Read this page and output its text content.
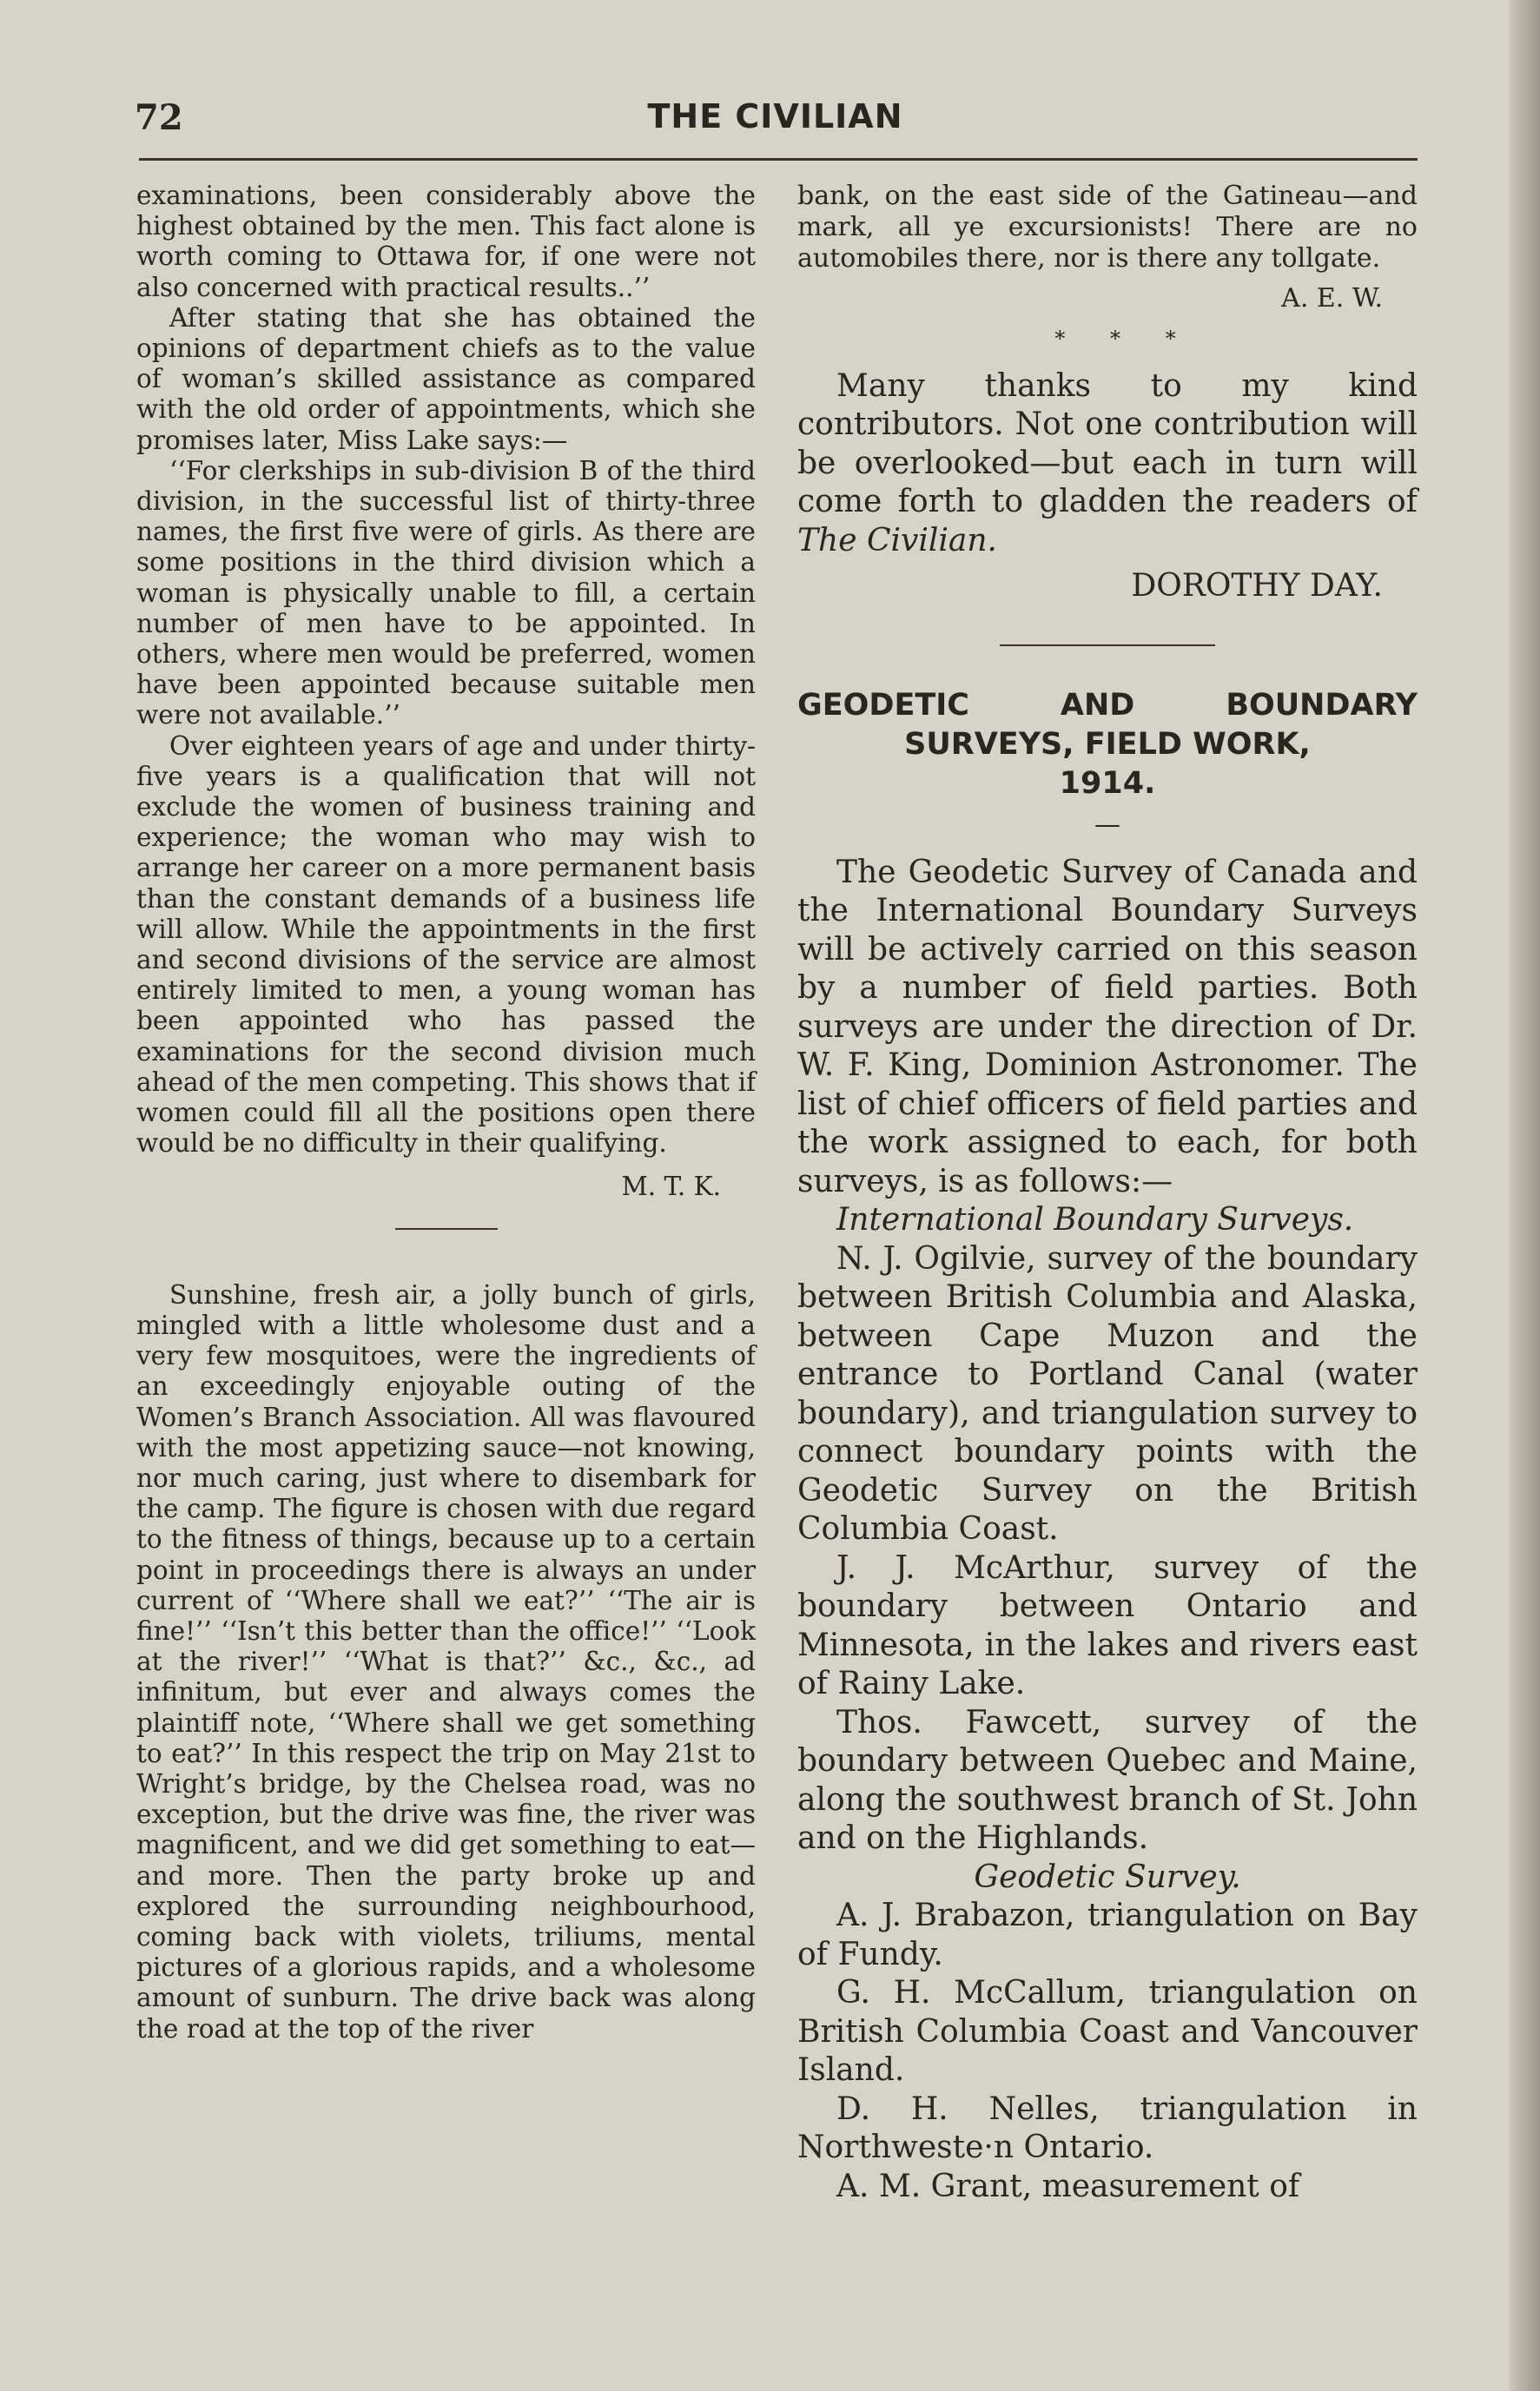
72	THE CIVILIAN

examinations, been considerably above the highest obtained by the men. This fact alone is worth coming to Ottawa for, if one were not also concerned with practical results..’’

After stating that she has obtained the opinions of department chiefs as to the value of woman’s skilled assistance as compared with the old order of appointments, which she promises later, Miss Lake says:—

‘‘For clerkships in sub-division B of the third division, in the successful list of thirty-three names, the first five were of girls. As there are some positions in the third division which a woman is physically unable to fill, a certain number of men have to be appointed. In others, where men would be preferred, women have been appointed because suitable men were not available.’’

Over eighteen years of age and under thirty-five years is a qualification that will not exclude the women of business training and experience; the woman who may wish to arrange her career on a more permanent basis than the constant demands of a business life will allow. While the appointments in the first and second divisions of the service are almost entirely limited to men, a young woman has been appointed who has passed the examinations for the second division much ahead of the men competing. This shows that if women could fill all the positions open there would be no difficulty in their qualifying.

M. T. K.

Sunshine, fresh air, a jolly bunch of girls, mingled with a little wholesome dust and a very few mosquitoes, were the ingredients of an exceedingly enjoyable outing of the Women’s Branch Association. All was flavoured with the most appetizing sauce—not knowing, nor much caring, just where to disembark for the camp. The figure is chosen with due regard to the fitness of things, because up to a certain point in proceedings there is always an under current of ‘‘Where shall we eat?’’ ‘‘The air is fine!’’ ‘‘Isn’t this better than the office!’’ ‘‘Look at the river!’’ ‘‘What is that?’’ &c., &c., ad infinitum, but ever and always comes the plaintiff note, ‘‘Where shall we get something to eat?’’ In this respect the trip on May 21st to Wright’s bridge, by the Chelsea road, was no exception, but the drive was fine, the river was magnificent, and we did get something to eat—and more. Then the party broke up and explored the surrounding neighbourhood, coming back with violets, triliums, mental pictures of a glorious rapids, and a wholesome amount of sunburn. The drive back was along the road at the top of the river

bank, on the east side of the Gatineau—and mark, all ye excursionists! There are no automobiles there, nor is there any tollgate.

A. E. W.

* * *

Many thanks to my kind contributors. Not one contribution will be overlooked—but each in turn will come forth to gladden the readers of The Civilian.

DOROTHY DAY.

GEODETIC AND BOUNDARY

SURVEYS, FIELD WORK,

1914.

—

The Geodetic Survey of Canada and the International Boundary Surveys will be actively carried on this season by a number of field parties. Both surveys are under the direction of Dr. W. F. King, Dominion Astronomer. The list of chief officers of field parties and the work assigned to each, for both surveys, is as follows:—

International Boundary Surveys.

N. J. Ogilvie, survey of the boundary between British Columbia and Alaska, between Cape Muzon and the entrance to Portland Canal (water boundary), and triangulation survey to connect boundary points with the Geodetic Survey on the British Columbia Coast.

J. J. McArthur, survey of the boundary between Ontario and Minnesota, in the lakes and rivers east of Rainy Lake.

Thos. Fawcett, survey of the boundary between Quebec and Maine, along the southwest branch of St. John and on the Highlands.

Geodetic Survey.

A. J. Brabazon, triangulation on Bay of Fundy.

G. H. McCallum, triangulation on British Columbia Coast and Vancouver Island.

D. H. Nelles, triangulation in Northweste·n Ontario.

A. M. Grant, measurement of
